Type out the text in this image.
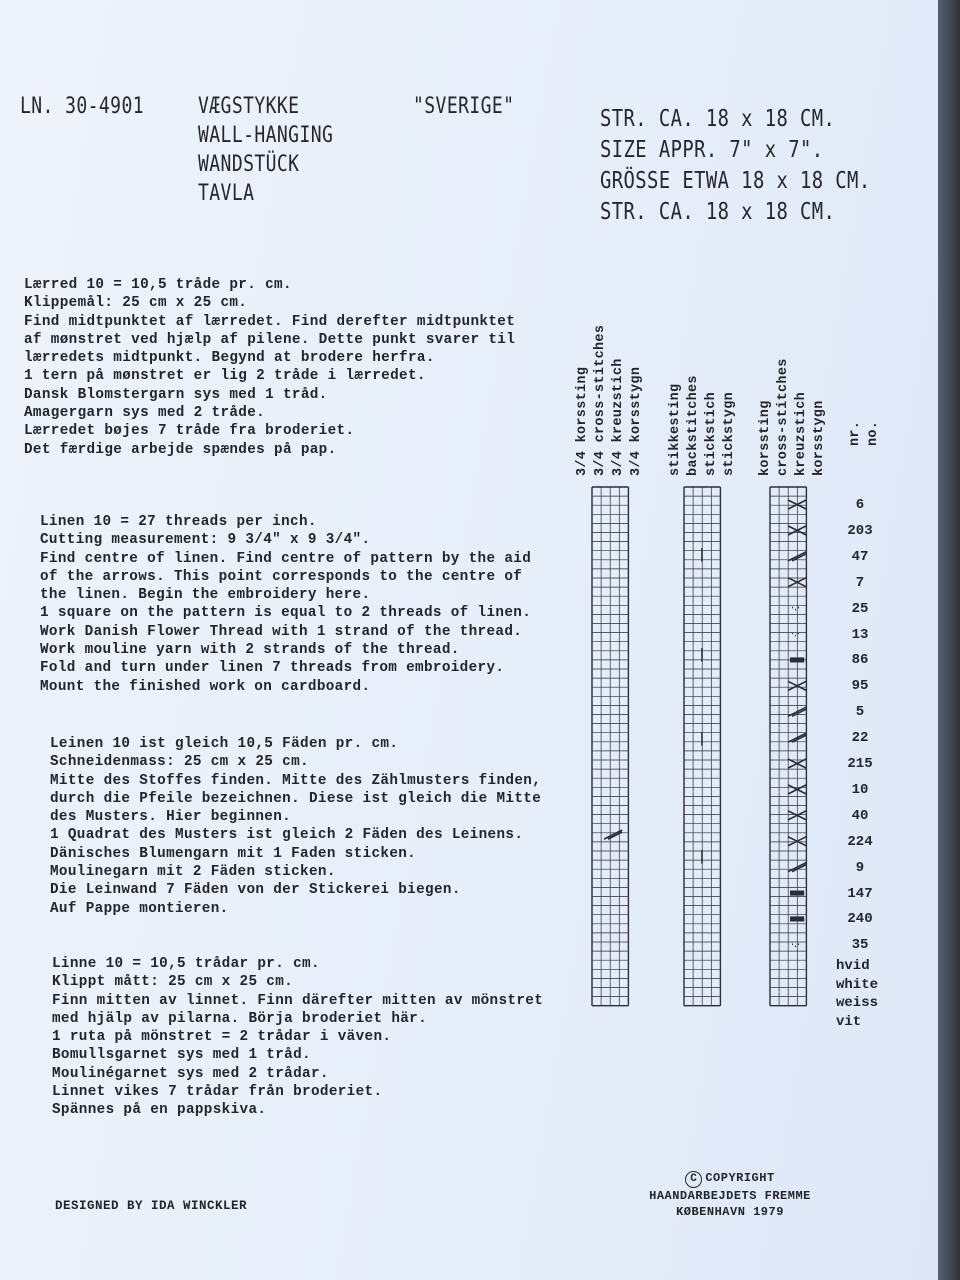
LN. 30-4901 VÆGSTYKKE
WALL-HANGING
WANDSTÜCK
TAVLA
"SVERIGE"	STR. CA. 18 x 18 CM.
SIZE APPR. 7" x 7".
GRÖSSE ETWA 18 x 18 CM.
STR. CA. 18 x 18 CM.
Lærred 10 = 10,5 tråde pr. cm.
Klippemål: 25 cm x 25 cm.
Find midtpunktet af lærredet. Find derefter midtpunktet
af mønstret ved hjælp af pilene. Dette punkt svarer til
lærredets midtpunkt. Begynd at brodere herfra.
1 tern på mønstret er lig 2 tråde i lærredet.
Dansk Blomstergarn sys med 1 tråd.
Amagergarn sys med 2 tråde.
Lærredet bøjes 7 tråde fra broderiet.
Det færdige arbejde spændes på pap.
Linen 10 = 27 threads per inch.
Cutting measurement: 9 3/4" x 9 3/4".
Find centre of linen. Find centre of pattern by the aid
of the arrows. This point corresponds to the centre of
the linen. Begin the embroidery here.
1 square on the pattern is equal to 2 threads of linen.
Work Danish Flower Thread with 1 strand of the thread.
Work mouline yarn with 2 strands of the thread.
Fold and turn under linen 7 threads from embroidery.
Mount the finished work on cardboard.
Leinen 10 ist gleich 10,5 Fäden pr. cm.
Schneidenmass: 25 cm x 25 cm.
Mitte des Stoffes finden. Mitte des Zählmusters finden,
durch die Pfeile bezeichnen. Diese ist gleich die Mitte
des Musters. Hier beginnen.
1 Quadrat des Musters ist gleich 2 Fäden des Leinens.
Dänisches Blumengarn mit 1 Faden sticken.
Moulinegarn mit 2 Fäden sticken.
Die Leinwand 7 Fäden von der Stickerei biegen.
Auf Pappe montieren.
Linne 10 = 10,5 trådar pr. cm.
Klippt mått: 25 cm x 25 cm.
Finn mitten av linnet. Finn därefter mitten av mönstret
med hjälp av pilarna. Börja broderiet här.
1 ruta på mönstret = 2 trådar i väven.
Bomullsgarnet sys med 1 tråd.
Moulinégarnet sys med 2 trådar.
Linnet vikes 7 trådar från broderiet.
Spännes på en pappskiva.
3/4 korssting 3/4 cross-stitches 3/4 kreuzstich 3/4 korsstygn stikkesting backstitches stickstich stickstygn korssting cross-stitches kreuzstich korsstygn nr. no.
6
203
47
7
25
13
86
95
5
22
215
10
40
224
9
147
240
35
hvid
white
weiss
vit
DESIGNED BY IDA WINCKLER
C COPYRIGHT
HAANDARBEJDETS FREMME
KØBENHAVN 1979
